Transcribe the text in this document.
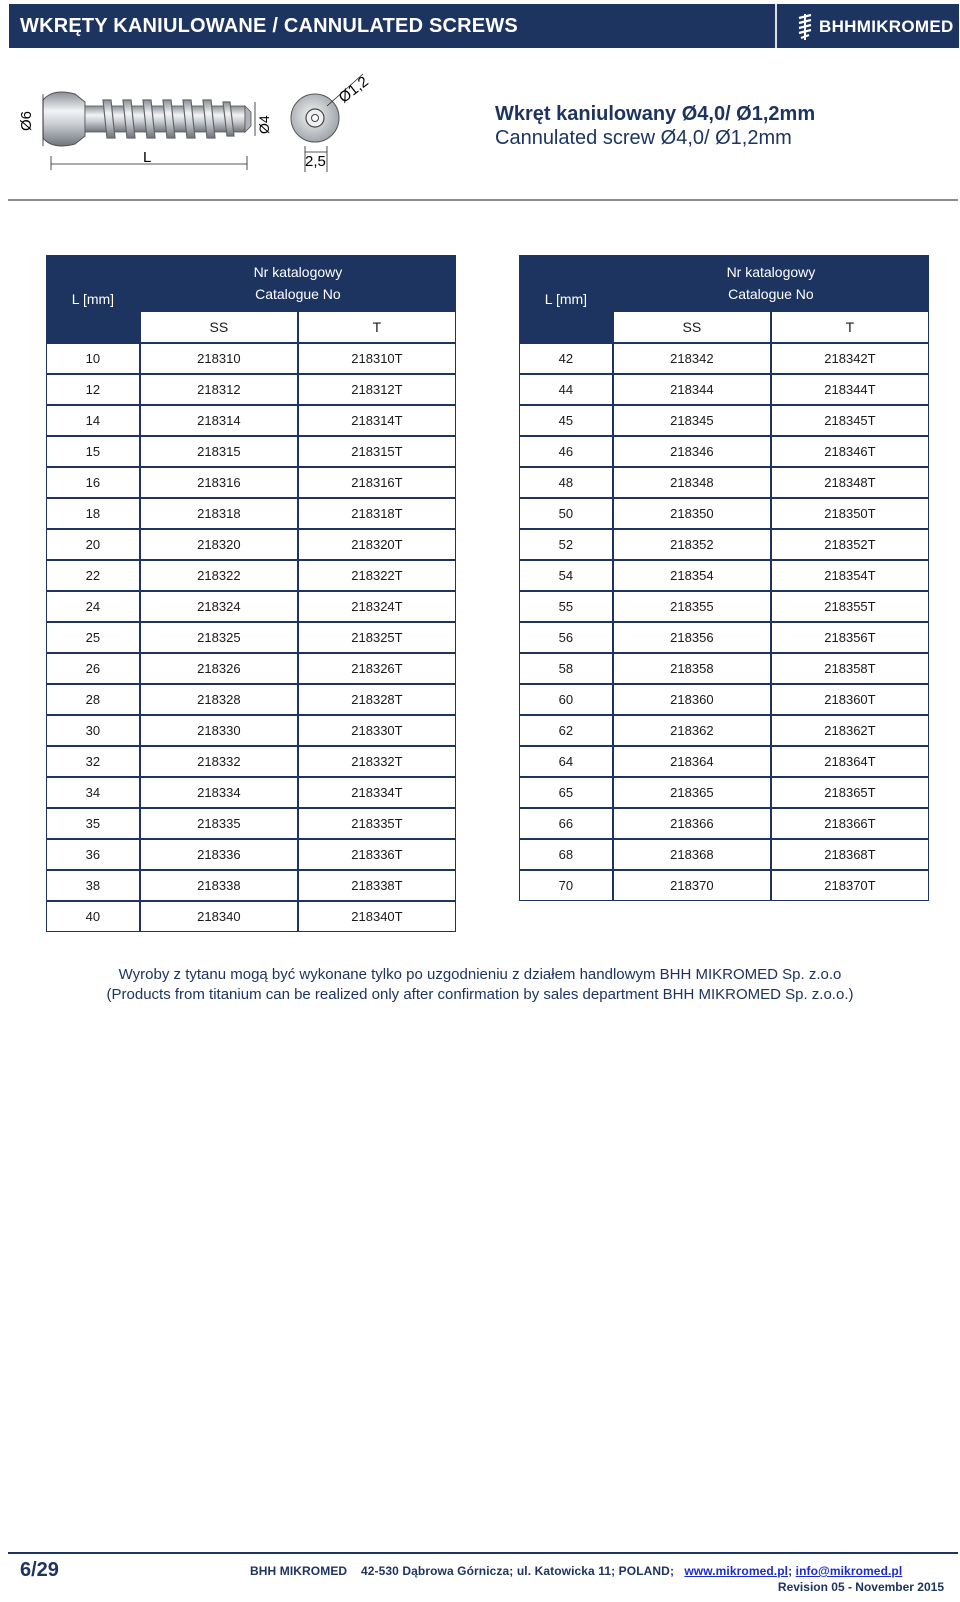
WKRĘTY KANIULOWANE / CANNULATED SCREWS	BHHMIKROMED
Ø6	Ø4
L
Ø1,2
2,5
Wkręt kaniulowany Ø4,0/ Ø1,2mm
Cannulated screw Ø4,0/ Ø1,2mm
L [mm]	Nr katalogowy
Catalogue No	

	SS	T
10	218310	218310T
12	218312	218312T
14	218314	218314T
15	218315	218315T
16	218316	218316T
18	218318	218318T
20	218320	218320T
22	218322	218322T
24	218324	218324T
25	218325	218325T
26	218326	218326T
28	218328	218328T
30	218330	218330T
32	218332	218332T
34	218334	218334T
35	218335	218335T
36	218336	218336T
38	218338	218338T
40	218340	218340T
L [mm]	Nr katalogowy
Catalogue No	

	SS	T
42	218342	218342T
44	218344	218344T
45	218345	218345T
46	218346	218346T
48	218348	218348T
50	218350	218350T
52	218352	218352T
54	218354	218354T
55	218355	218355T
56	218356	218356T
58	218358	218358T
60	218360	218360T
62	218362	218362T
64	218364	218364T
65	218365	218365T
66	218366	218366T
68	218368	218368T
70	218370	218370T
Wyroby z tytanu mogą być wykonane tylko po uzgodnieniu z działem handlowym BHH MIKROMED Sp. z.o.o
(Products from titanium can be realized only after confirmation by sales department BHH MIKROMED Sp. z.o.o.)
6/29	BHH MIKROMED 42-530 Dąbrowa Górnicza; ul. Katowicka 11; POLAND; www.mikromed.pl; info@mikromed.pl
Revision 05 - November 2015
